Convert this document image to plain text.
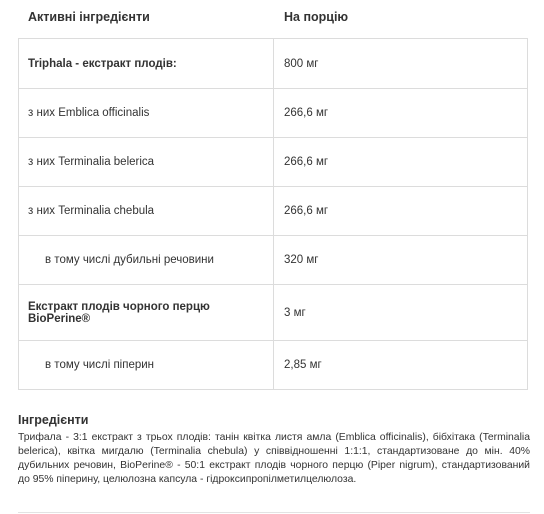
Активні інгредієнти	На порцію
Triphala - екстракт плодів:	800 мг
з них Emblica officinalis	266,6 мг
з них Terminalia belerica	266,6 мг
з них Terminalia chebula	266,6 мг
в тому числі дубильні речовини	320 мг
Екстракт плодів чорного перцю BioPerine®	3 мг
в тому числі піперин	2,85 мг
Інгредієнти
Трифала - 3:1 екстракт з трьох плодів: танін квітка листя амла (Emblica officinalis), бібхітака (Terminalia belerica), квітка мигдалю (Terminalia chebula) у співвідношенні 1:1:1, стандартизоване до мін. 40% дубильних речовин, BioPerine® - 50:1 екстракт плодів чорного перцю (Piper nigrum), стандартизований до 95% піперину, целюлозна капсула - гідроксипропілметилцелюлоза.
